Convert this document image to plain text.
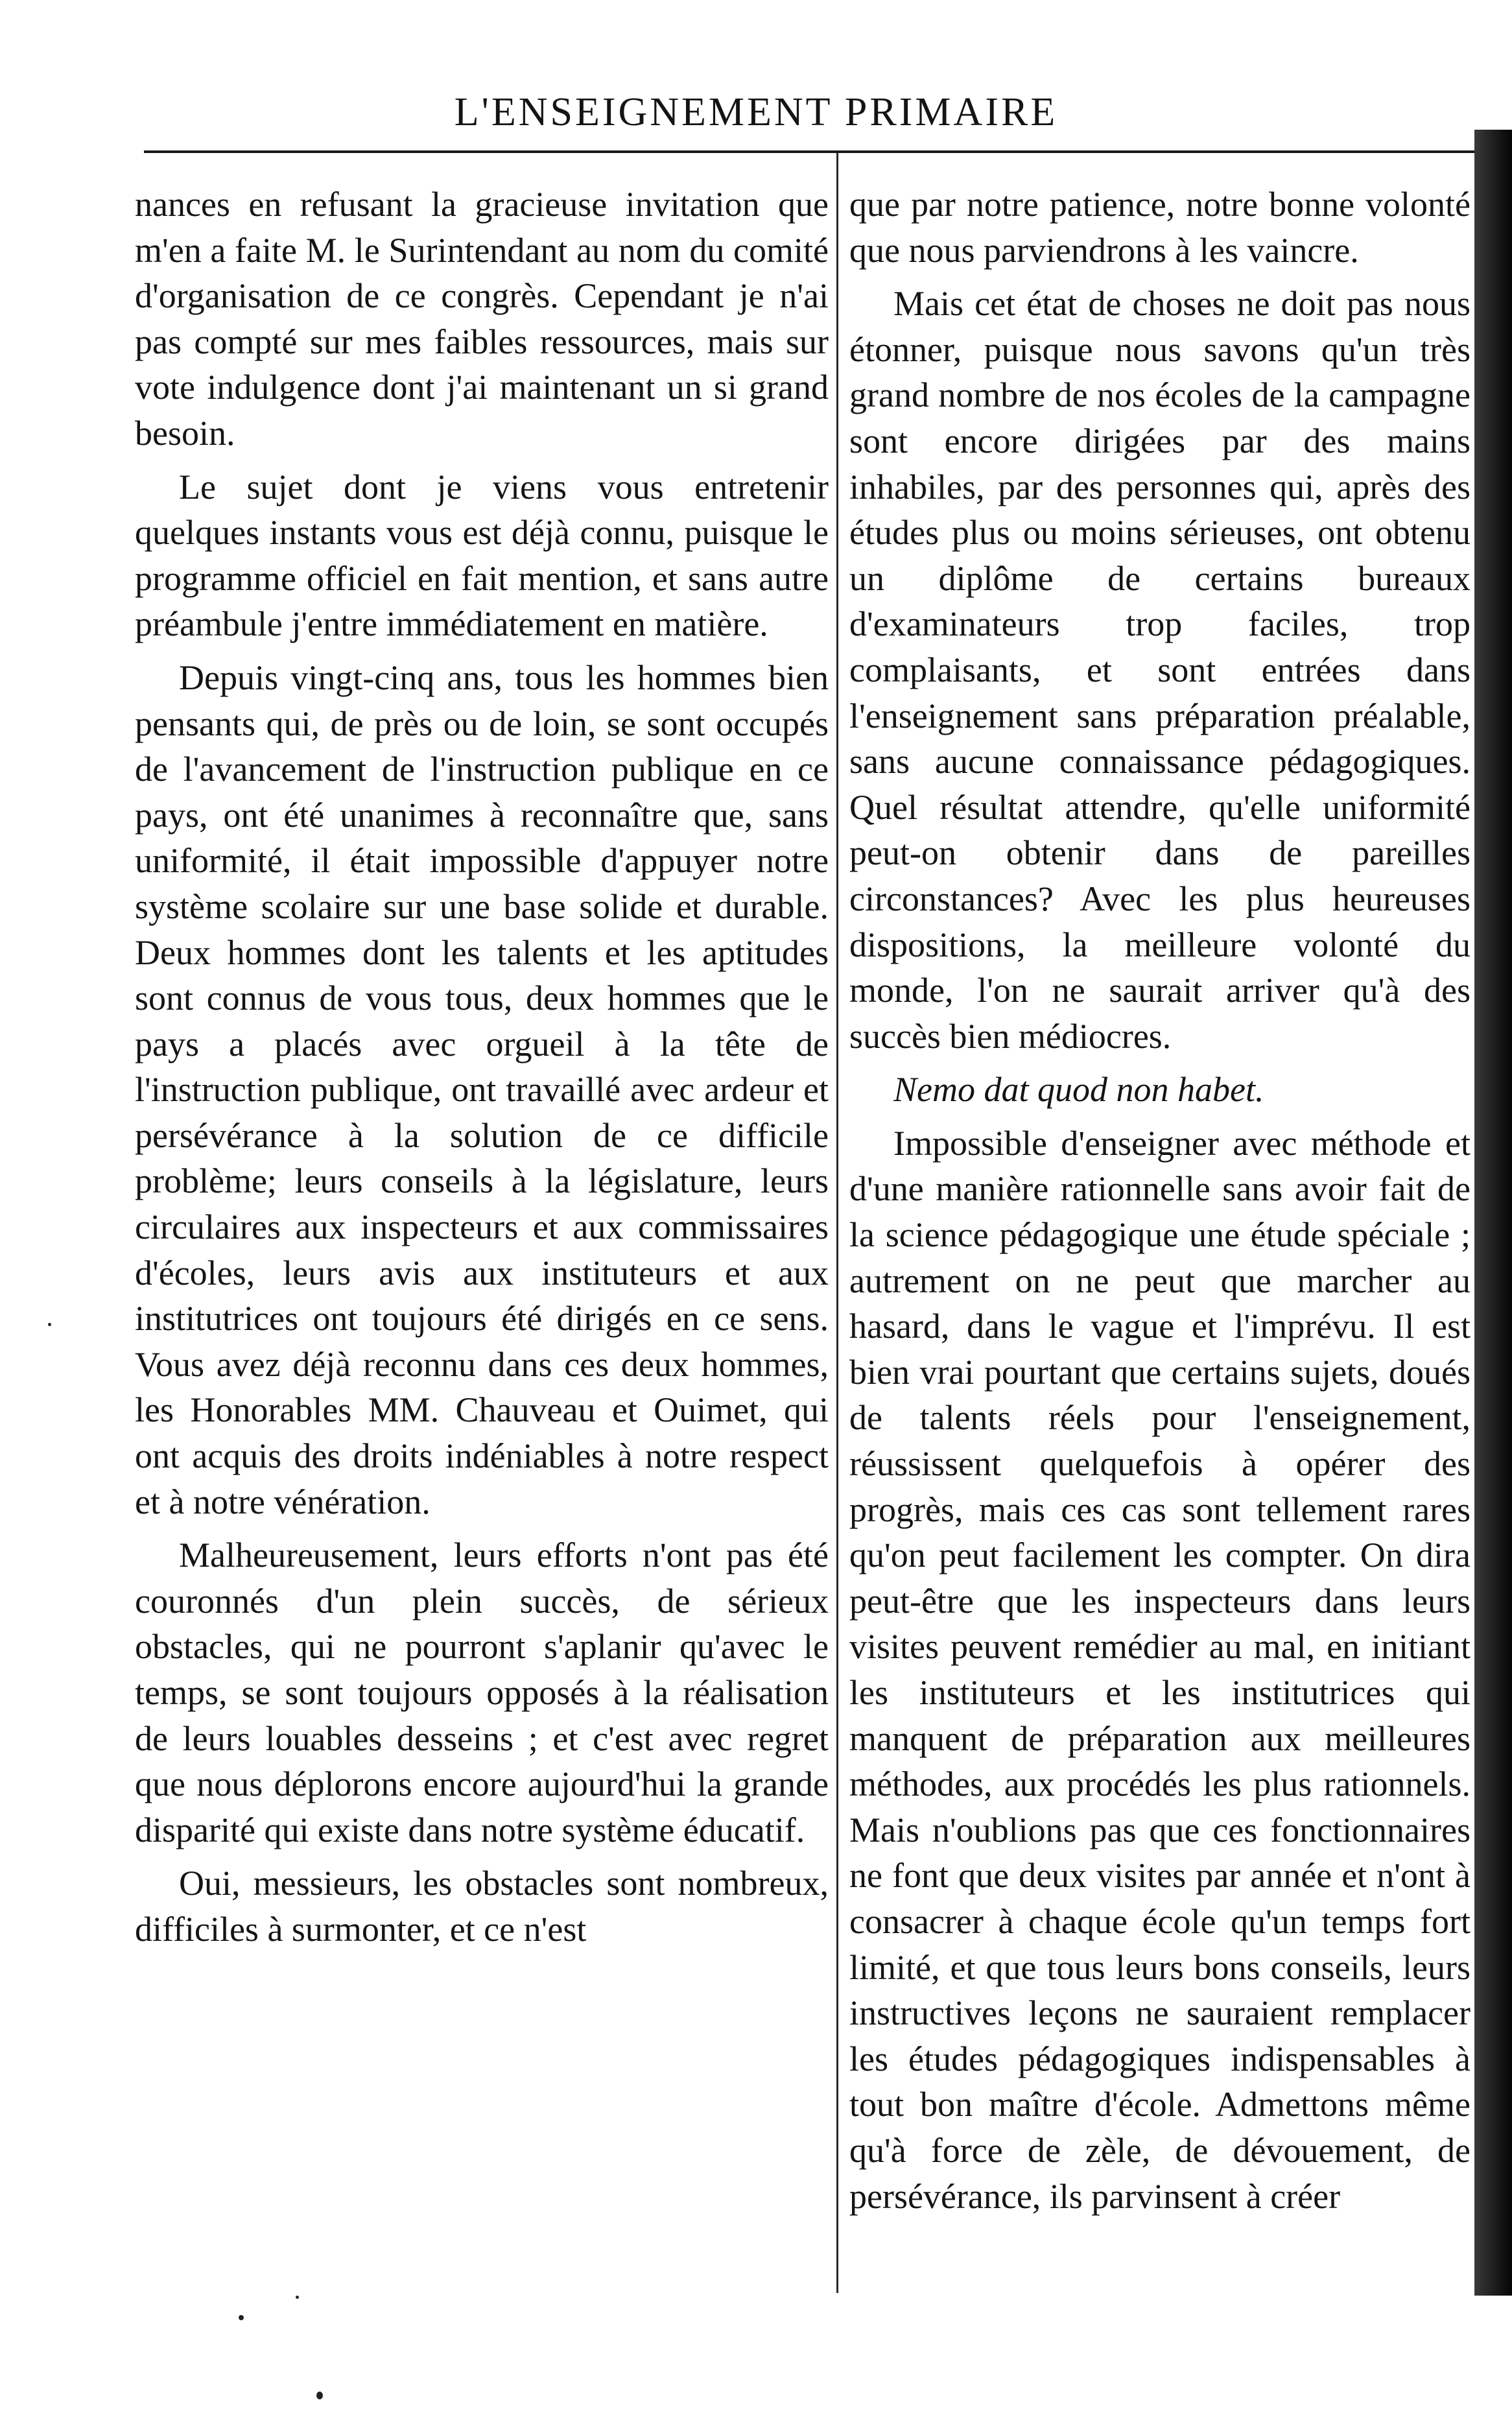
L'ENSEIGNEMENT PRIMAIRE

nances en refusant la gracieuse invitation que m'en a faite M. le Surintendant au nom du comité d'organisation de ce congrès. Cependant je n'ai pas compté sur mes faibles ressources, mais sur vote indulgence dont j'ai maintenant un si grand besoin.

Le sujet dont je viens vous entretenir quelques instants vous est déjà connu, puisque le programme officiel en fait mention, et sans autre préambule j'entre immédiatement en matière.

Depuis vingt-cinq ans, tous les hommes bien pensants qui, de près ou de loin, se sont occupés de l'avancement de l'instruction publique en ce pays, ont été unanimes à reconnaître que, sans uniformité, il était impossible d'appuyer notre système scolaire sur une base solide et durable. Deux hommes dont les talents et les aptitudes sont connus de vous tous, deux hommes que le pays a placés avec orgueil à la tête de l'instruction publique, ont travaillé avec ardeur et persévérance à la solution de ce difficile problème; leurs conseils à la législature, leurs circulaires aux inspecteurs et aux commissaires d'écoles, leurs avis aux instituteurs et aux institutrices ont toujours été dirigés en ce sens. Vous avez déjà reconnu dans ces deux hommes, les Honorables MM. Chauveau et Ouimet, qui ont acquis des droits indéniables à notre respect et à notre vénération.

Malheureusement, leurs efforts n'ont pas été couronnés d'un plein succès, de sérieux obstacles, qui ne pourront s'aplanir qu'avec le temps, se sont toujours opposés à la réalisation de leurs louables desseins ; et c'est avec regret que nous déplorons encore aujourd'hui la grande disparité qui existe dans notre système éducatif.

Oui, messieurs, les obstacles sont nombreux, difficiles à surmonter, et ce n'est

que par notre patience, notre bonne volonté que nous parviendrons à les vaincre.

Mais cet état de choses ne doit pas nous étonner, puisque nous savons qu'un très grand nombre de nos écoles de la campagne sont encore dirigées par des mains inhabiles, par des personnes qui, après des études plus ou moins sérieuses, ont obtenu un diplôme de certains bureaux d'examinateurs trop faciles, trop complaisants, et sont entrées dans l'enseignement sans préparation préalable, sans aucune connaissance pédagogiques. Quel résultat attendre, qu'elle uniformité peut-on obtenir dans de pareilles circonstances? Avec les plus heureuses dispositions, la meilleure volonté du monde, l'on ne saurait arriver qu'à des succès bien médiocres.

Nemo dat quod non habet.

Impossible d'enseigner avec méthode et d'une manière rationnelle sans avoir fait de la science pédagogique une étude spéciale ; autrement on ne peut que marcher au hasard, dans le vague et l'imprévu. Il est bien vrai pourtant que certains sujets, doués de talents réels pour l'enseignement, réussissent quelquefois à opérer des progrès, mais ces cas sont tellement rares qu'on peut facilement les compter. On dira peut-être que les inspecteurs dans leurs visites peuvent remédier au mal, en initiant les instituteurs et les institutrices qui manquent de préparation aux meilleures méthodes, aux procédés les plus rationnels. Mais n'oublions pas que ces fonctionnaires ne font que deux visites par année et n'ont à consacrer à chaque école qu'un temps fort limité, et que tous leurs bons conseils, leurs instructives leçons ne sauraient remplacer les études pédagogiques indispensables à tout bon maître d'école. Admettons même qu'à force de zèle, de dévouement, de persévérance, ils parvinsent à créer
